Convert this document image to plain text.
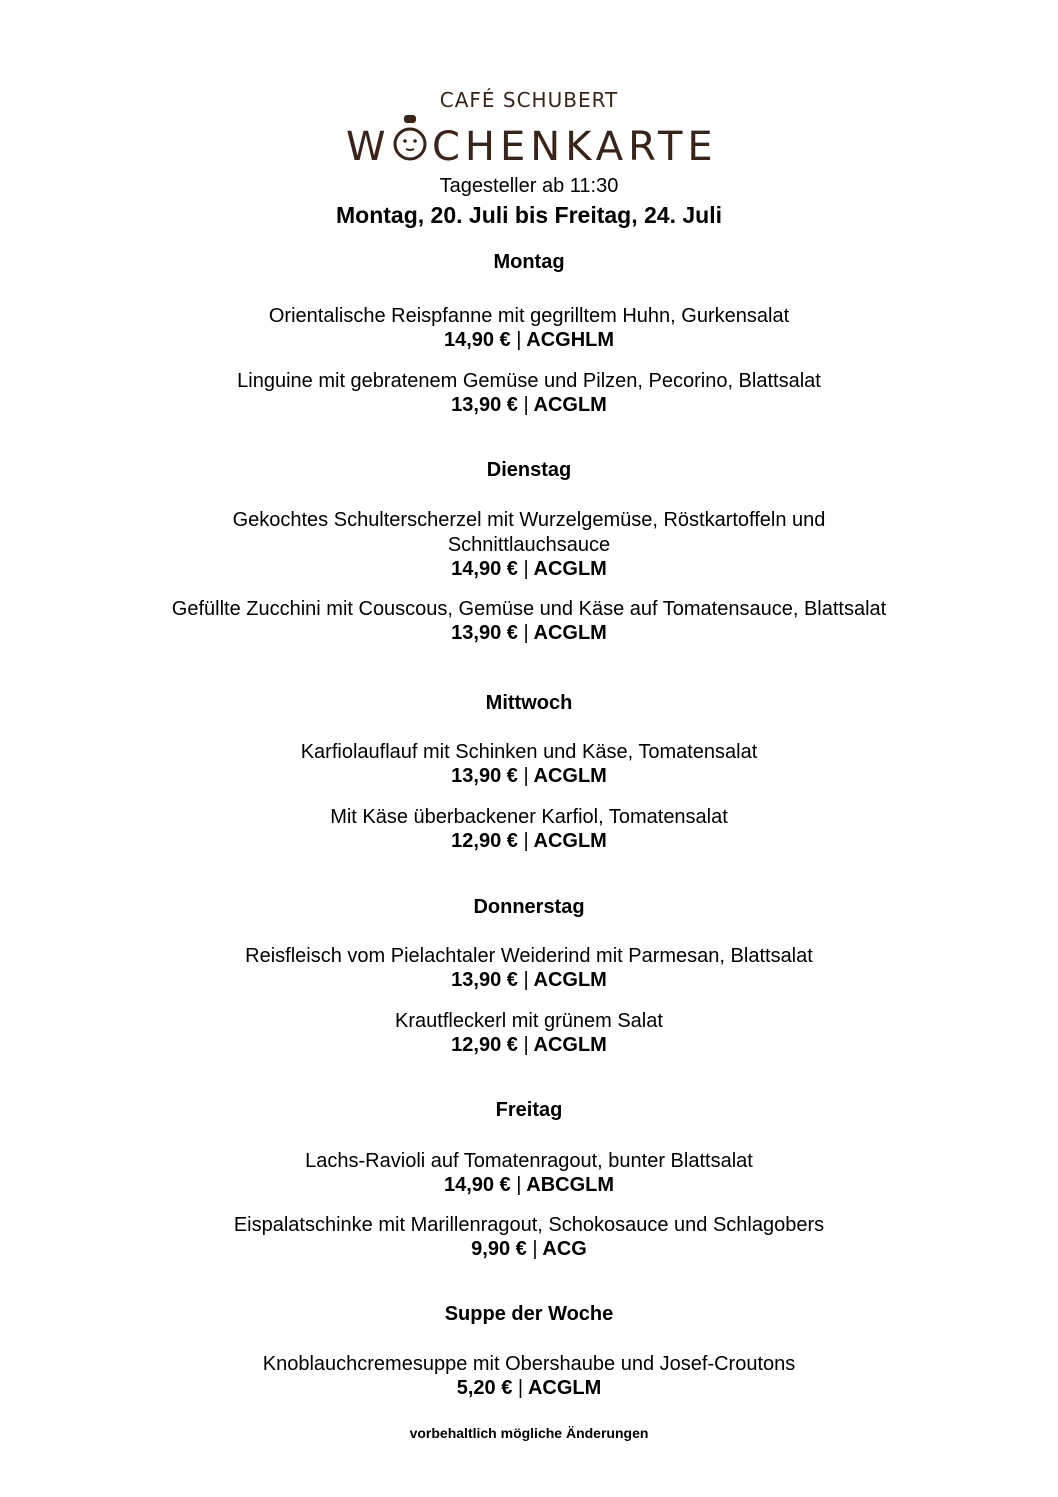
CAFÉ SCHUBERT
W CHENKARTE
Tagesteller ab 11:30
Montag, 20. Juli bis Freitag, 24. Juli
Montag
Orientalische Reispfanne mit gegrilltem Huhn, Gurkensalat
14,90 € | ACGHLM
Linguine mit gebratenem Gemüse und Pilzen, Pecorino, Blattsalat
13,90 € | ACGLM
Dienstag
Gekochtes Schulterscherzel mit Wurzelgemüse, Röstkartoffeln und
Schnittlauchsauce
14,90 € | ACGLM
Gefüllte Zucchini mit Couscous, Gemüse und Käse auf Tomatensauce, Blattsalat
13,90 € | ACGLM
Mittwoch
Karfiolauflauf mit Schinken und Käse, Tomatensalat
13,90 € | ACGLM
Mit Käse überbackener Karfiol, Tomatensalat
12,90 € | ACGLM
Donnerstag
Reisfleisch vom Pielachtaler Weiderind mit Parmesan, Blattsalat
13,90 € | ACGLM
Krautfleckerl mit grünem Salat
12,90 € | ACGLM
Freitag
Lachs-Ravioli auf Tomatenragout, bunter Blattsalat
14,90 € | ABCGLM
Eispalatschinke mit Marillenragout, Schokosauce und Schlagobers
9,90 € | ACG
Suppe der Woche
Knoblauchcremesuppe mit Obershaube und Josef-Croutons
5,20 € | ACGLM
vorbehaltlich mögliche Änderungen
